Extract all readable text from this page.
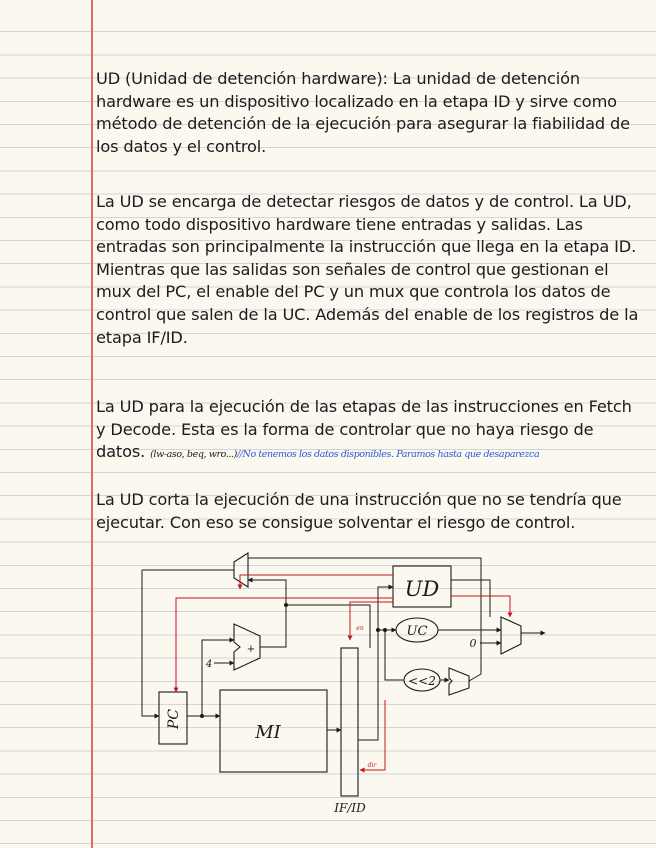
UD (Unidad de detención hardware): La unidad de detención hardware es un dispositivo localizado en la etapa ID y sirve como método de detención de la ejecución para asegurar la fiabilidad de los datos y el control.

La UD se encarga de detectar riesgos de datos y de control. La UD, como todo dispositivo hardware tiene entradas y salidas. Las entradas son principalmente la instrucción que llega en la etapa ID.

Mientras que las salidas son señales de control que gestionan el mux del PC, el enable del PC y un mux que controla los datos de control que salen de la UC. Además del enable de los registros de la etapa IF/ID.

La UD para la ejecución de las etapas de las instrucciones en Fetch y Decode. Esta es la forma de controlar que no haya riesgo de datos. (lw-aso, beq, wro...)//No tenemos los datos disponibles. Paramos hasta que desaparezca

La UD corta la ejecución de una instrucción que no se tendría que ejecutar. Con eso se consigue solventar el riesgo de control.

UD
UC
<<2
PC
MI
IF/ID
4
0
+
en
dir
